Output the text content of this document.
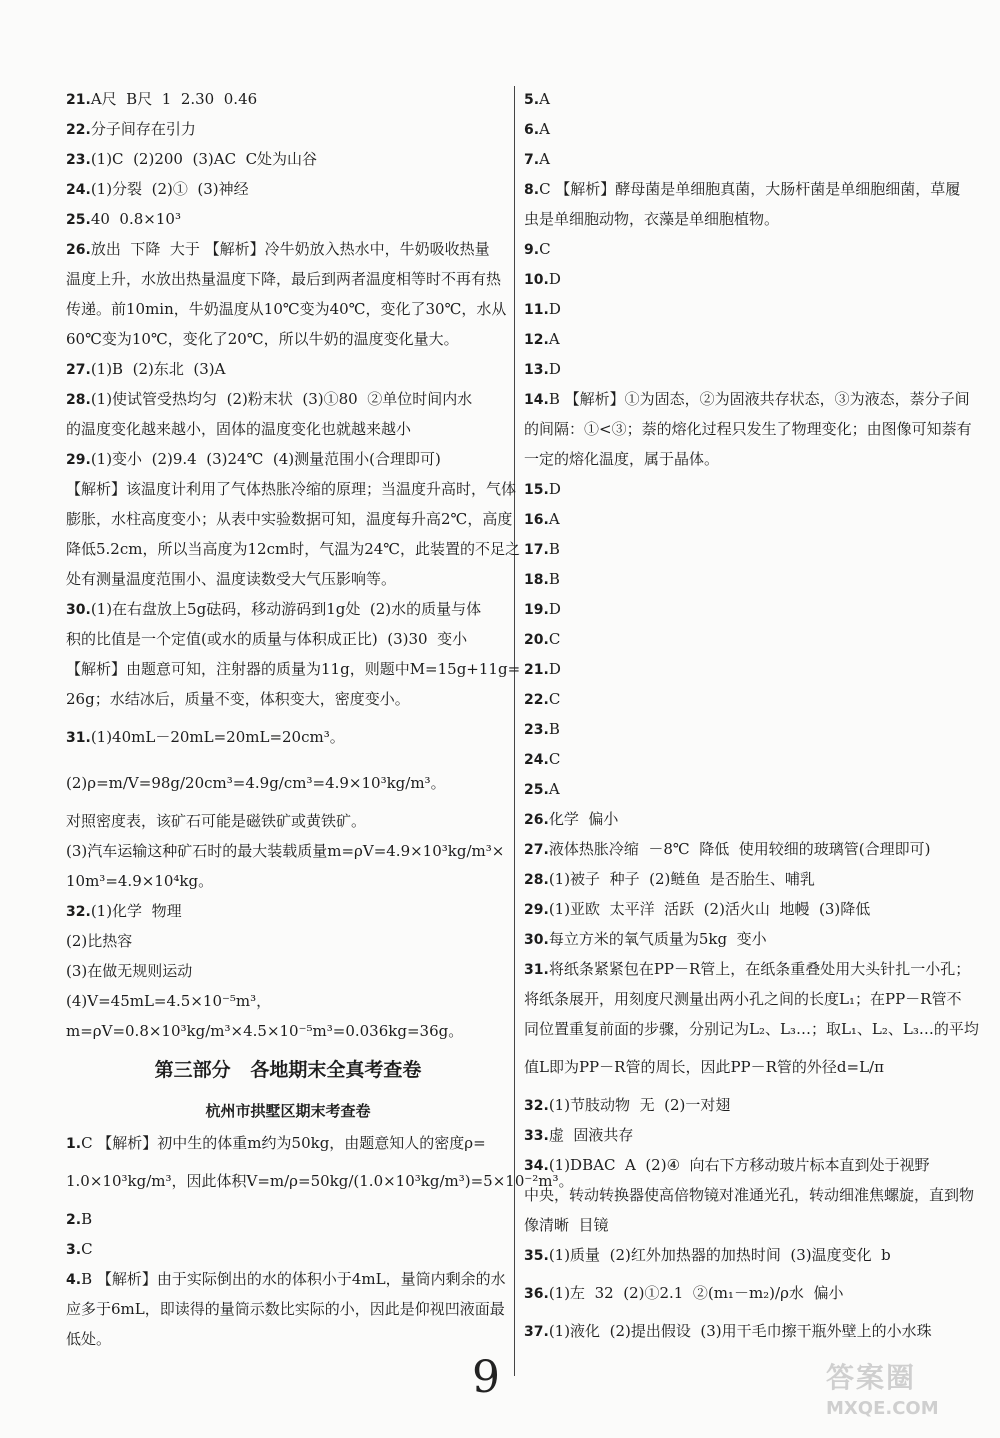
21.A尺  B尺  1  2.30  0.46
22.分子间存在引力
23.(1)C  (2)200  (3)AC  C处为山谷
24.(1)分裂  (2)①  (3)神经
25.40  0.8×10³
26.放出  下降  大于 【解析】冷牛奶放入热水中，牛奶吸收热量
温度上升，水放出热量温度下降，最后到两者温度相等时不再有热
传递。前10min，牛奶温度从10℃变为40℃，变化了30℃，水从
60℃变为10℃，变化了20℃，所以牛奶的温度变化量大。
27.(1)B  (2)东北  (3)A
28.(1)使试管受热均匀  (2)粉末状  (3)①80  ②单位时间内水
的温度变化越来越小，固体的温度变化也就越来越小
29.(1)变小  (2)9.4  (3)24℃  (4)测量范围小(合理即可)
【解析】该温度计利用了气体热胀冷缩的原理；当温度升高时，气体
膨胀，水柱高度变小；从表中实验数据可知，温度每升高2℃，高度
降低5.2cm，所以当高度为12cm时，气温为24℃，此装置的不足之
处有测量温度范围小、温度读数受大气压影响等。
30.(1)在右盘放上5g砝码，移动游码到1g处  (2)水的质量与体
积的比值是一个定值(或水的质量与体积成正比)  (3)30  变小
【解析】由题意可知，注射器的质量为11g，则题中M=15g+11g=
26g；水结冰后，质量不变，体积变大，密度变小。
31.(1)40mL－20mL=20mL=20cm³。
(2)ρ=m/V=98g/20cm³=4.9g/cm³=4.9×10³kg/m³。
对照密度表，该矿石可能是磁铁矿或黄铁矿。
(3)汽车运输这种矿石时的最大装载质量m=ρV=4.9×10³kg/m³×
10m³=4.9×10⁴kg。
32.(1)化学  物理
(2)比热容
(3)在做无规则运动
(4)V=45mL=4.5×10⁻⁵m³，
m=ρV=0.8×10³kg/m³×4.5×10⁻⁵m³=0.036kg=36g。
第三部分   各地期末全真考查卷
杭州市拱墅区期末考查卷
1.C 【解析】初中生的体重m约为50kg，由题意知人的密度ρ=
1.0×10³kg/m³，因此体积V=m/ρ=50kg/(1.0×10³kg/m³)=5×10⁻²m³。
2.B
3.C
4.B 【解析】由于实际倒出的水的体积小于4mL，量筒内剩余的水
应多于6mL，即读得的量筒示数比实际的小，因此是仰视凹液面最
低处。
5.A
6.A
7.A
8.C 【解析】酵母菌是单细胞真菌，大肠杆菌是单细胞细菌，草履
虫是单细胞动物，衣藻是单细胞植物。
9.C
10.D
11.D
12.A
13.D
14.B 【解析】①为固态，②为固液共存状态，③为液态，萘分子间
的间隔：①<③；萘的熔化过程只发生了物理变化；由图像可知萘有
一定的熔化温度，属于晶体。
15.D
16.A
17.B
18.B
19.D
20.C
21.D
22.C
23.B
24.C
25.A
26.化学  偏小
27.液体热胀冷缩  －8℃  降低  使用较细的玻璃管(合理即可)
28.(1)被子  种子  (2)鲢鱼  是否胎生、哺乳
29.(1)亚欧  太平洋  活跃  (2)活火山  地幔  (3)降低
30.每立方米的氧气质量为5kg  变小
31.将纸条紧紧包在PP－R管上，在纸条重叠处用大头针扎一小孔；
将纸条展开，用刻度尺测量出两小孔之间的长度L₁；在PP－R管不
同位置重复前面的步骤，分别记为L₂、L₃…；取L₁、L₂、L₃…的平均
值L即为PP－R管的周长，因此PP－R管的外径d=L/π
32.(1)节肢动物  无  (2)一对翅
33.虚  固液共存
34.(1)DBAC  A  (2)④  向右下方移动玻片标本直到处于视野
中央，转动转换器使高倍物镜对准通光孔，转动细准焦螺旋，直到物
像清晰  目镜
35.(1)质量  (2)红外加热器的加热时间  (3)温度变化  b
36.(1)左  32  (2)①2.1  ②(m₁－m₂)/ρ水  偏小
37.(1)液化  (2)提出假设  (3)用干毛巾擦干瓶外壁上的小水珠
9	答案圈
MXQE.COM
